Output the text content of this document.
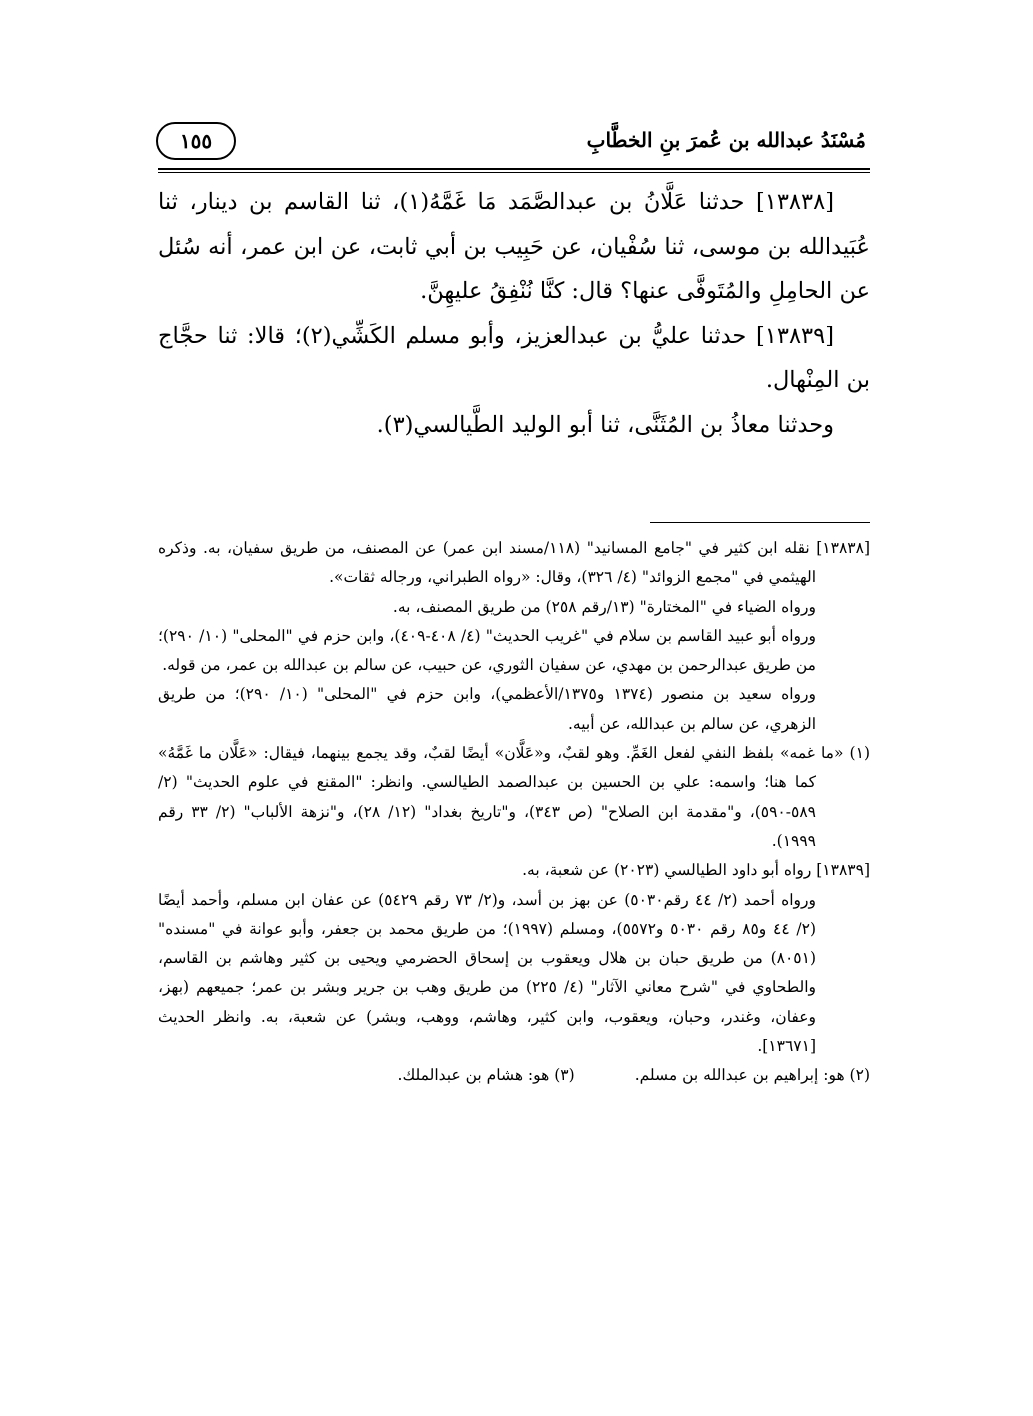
مُسْنَدُ عبدالله بن عُمرَ بنِ الخطَّابِ
١٥٥

[١٣٨٣٨] حدثنا عَلَّانُ بن عبدالصَّمَد مَا غَمَّهُ(١)، ثنا القاسم بن دينار، ثنا عُبَيدالله بن موسى، ثنا سُفْيان، عن حَبِيب بن أبي ثابت، عن ابن عمر، أنه سُئل عن الحامِلِ والمُتَوفَّى عنها؟ قال: كنَّا نُنْفِقُ عليهِنَّ.

[١٣٨٣٩] حدثنا عليُّ بن عبدالعزيز، وأبو مسلم الكَشِّي(٢)؛ قالا: ثنا حجَّاج بن المِنْهال.

وحدثنا معاذُ بن المُثَنَّى، ثنا أبو الوليد الطَّيالسي(٣).

[١٣٨٣٨] نقله ابن كثير في "جامع المسانيد" (١١٨/مسند ابن عمر) عن المصنف، من طريق سفيان، به. وذكره الهيثمي في "مجمع الزوائد" (٤/ ٣٢٦)، وقال: «رواه الطبراني، ورجاله ثقات».

ورواه الضياء في "المختارة" (١٣/رقم ٢٥٨) من طريق المصنف، به.

ورواه أبو عبيد القاسم بن سلام في "غريب الحديث" (٤/ ٤٠٨-٤٠٩)، وابن حزم في "المحلى" (١٠/ ٢٩٠)؛ من طريق عبدالرحمن بن مهدي، عن سفيان الثوري، عن حبيب، عن سالم بن عبدالله بن عمر، من قوله.

ورواه سعيد بن منصور (١٣٧٤ و١٣٧٥/الأعظمي)، وابن حزم في "المحلى" (١٠/ ٢٩٠)؛ من طريق الزهري، عن سالم بن عبدالله، عن أبيه.

(١) «ما غمه» بلفظ النفي لفعل الغَمِّ. وهو لقبٌ، و«عَلَّان» أيضًا لقبٌ، وقد يجمع بينهما، فيقال: «عَلَّان ما غَمَّهُ» كما هنا؛ واسمه: علي بن الحسين بن عبدالصمد الطيالسي. وانظر: "المقنع في علوم الحديث" (٢/ ٥٨٩-٥٩٠)، و"مقدمة ابن الصلاح" (ص ٣٤٣)، و"تاريخ بغداد" (١٢/ ٢٨)، و"نزهة الألباب" (٢/ ٣٣ رقم ١٩٩٩).

[١٣٨٣٩] رواه أبو داود الطيالسي (٢٠٢٣) عن شعبة، به.

ورواه أحمد (٢/ ٤٤ رقم٥٠٣٠) عن بهز بن أسد، و(٢/ ٧٣ رقم ٥٤٢٩) عن عفان ابن مسلم، وأحمد أيضًا (٢/ ٤٤ و٨٥ رقم ٥٠٣٠ و٥٥٧٢)، ومسلم (١٩٩٧)؛ من طريق محمد بن جعفر، وأبو عوانة في "مسنده" (٨٠٥١) من طريق حبان بن هلال ويعقوب بن إسحاق الحضرمي ويحيى بن كثير وهاشم بن القاسم، والطحاوي في "شرح معاني الآثار" (٤/ ٢٢٥) من طريق وهب بن جرير وبشر بن عمر؛ جميعهم (بهز، وعفان، وغندر، وحبان، ويعقوب، وابن كثير، وهاشم، ووهب، وبشر) عن شعبة، به. وانظر الحديث [١٣٦٧١].

(٢) هو: إبراهيم بن عبدالله بن مسلم.
(٣) هو: هشام بن عبدالملك.
